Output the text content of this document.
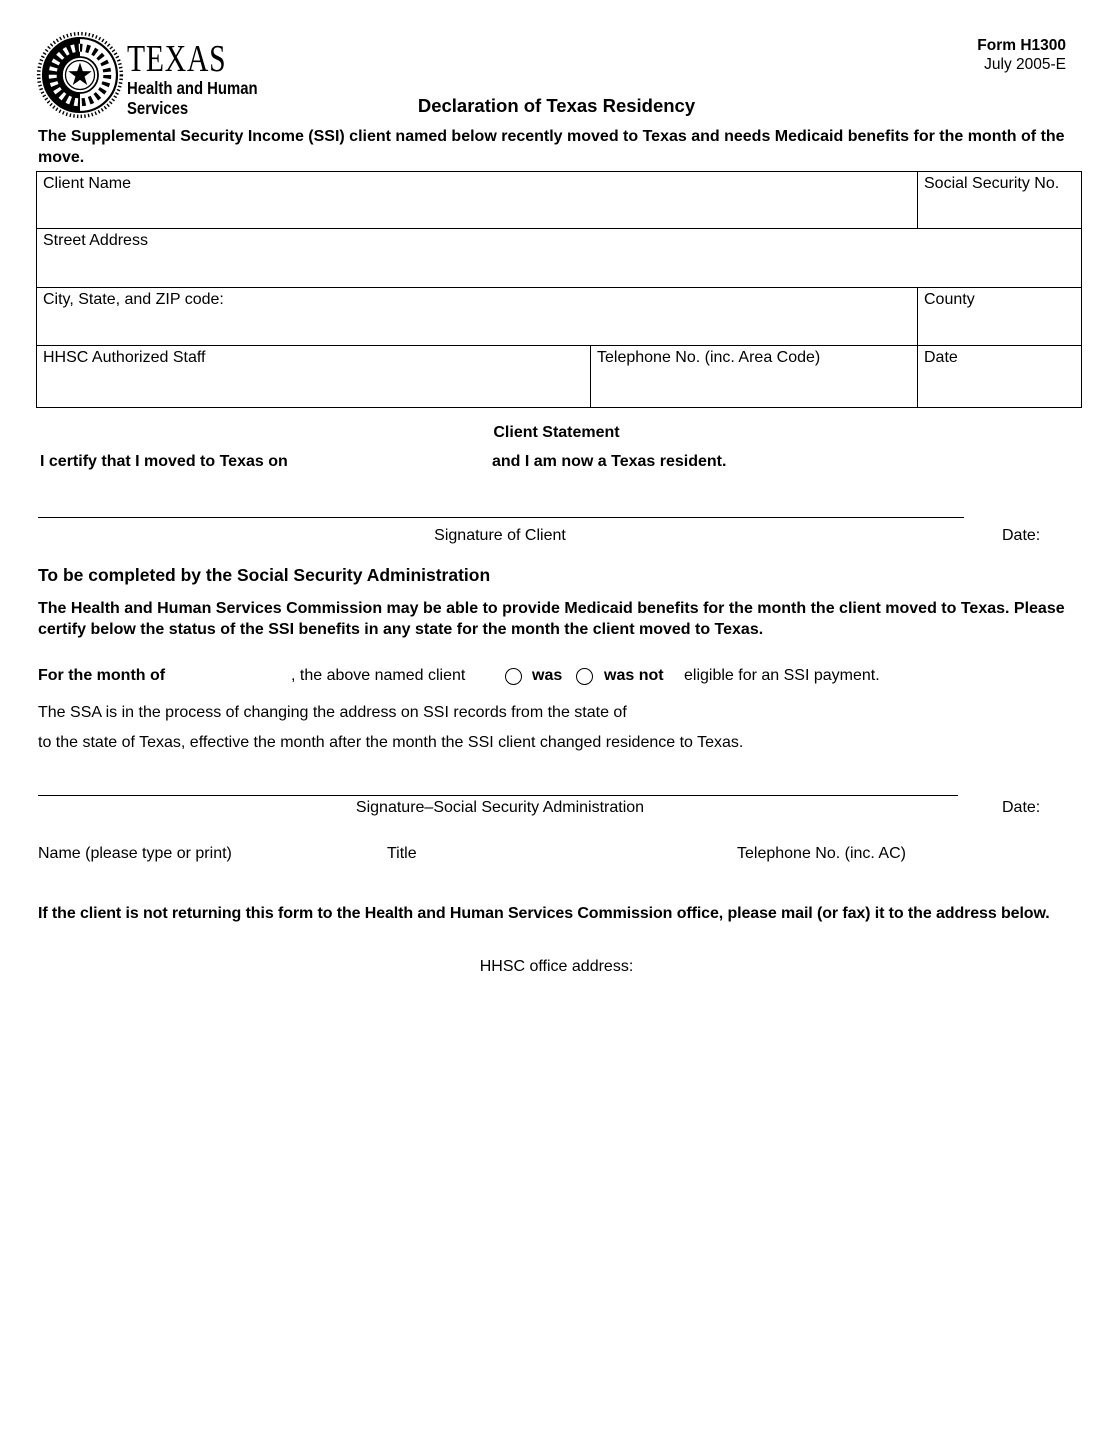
TEXAS
Health and Human
Services
Form H1300
July 2005-E
Declaration of Texas Residency
The Supplemental Security Income (SSI) client named below recently moved to Texas and needs Medicaid benefits for the month of the move.
Client Name		Social Security No.
Street Address		
City, State, and ZIP code:		County
HHSC Authorized Staff	Telephone No. (inc. Area Code)	Date
Client Statement
I certify that I moved to Texas on	and I am now a Texas resident.
Signature of Client	Date:
To be completed by the Social Security Administration
The Health and Human Services Commission may be able to provide Medicaid benefits for the month the client moved to Texas. Please certify below the status of the SSI benefits in any state for the month the client moved to Texas.
For the month of	, the above named client	was	was not eligible for an SSI payment.
The SSA is in the process of changing the address on SSI records from the state of
to the state of Texas, effective the month after the month the SSI client changed residence to Texas.
Signature–Social Security Administration	Date:
Name (please type or print)	Title	Telephone No. (inc. AC)
If the client is not returning this form to the Health and Human Services Commission office, please mail (or fax) it to the address below.
HHSC office address:
